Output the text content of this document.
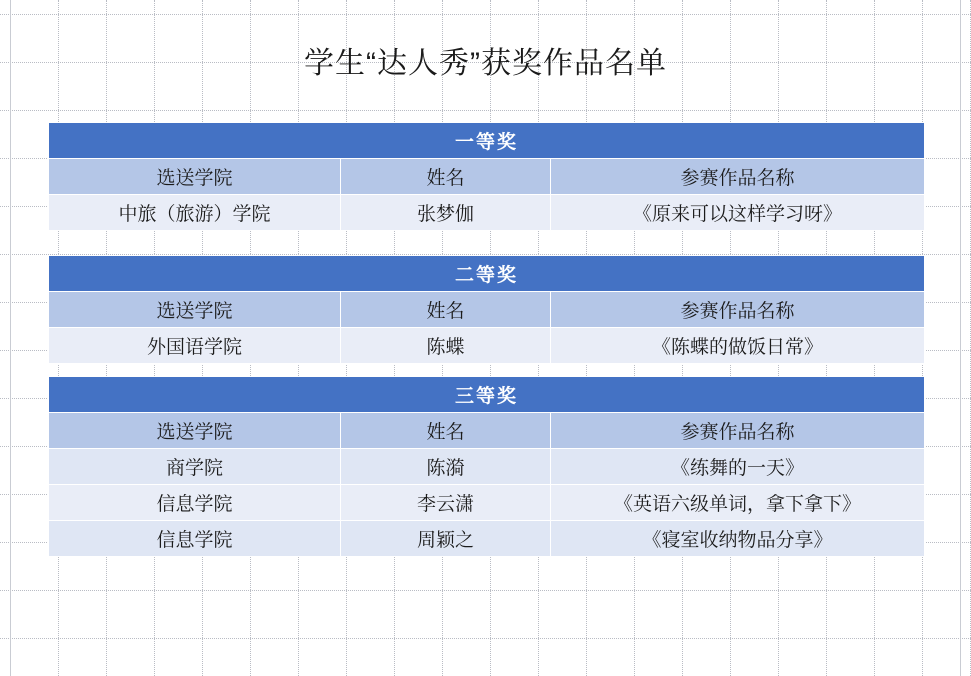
学生“达人秀”获奖作品名单
一等奖		
选送学院	姓名	参赛作品名称
中旅（旅游）学院	张梦伽	《原来可以这样学习呀》
二等奖		
选送学院	姓名	参赛作品名称
外国语学院	陈蝶	《陈蝶的做饭日常》
三等奖		
选送学院	姓名	参赛作品名称
商学院	陈漪	《练舞的一天》
信息学院	李云潇	《英语六级单词，拿下拿下》
信息学院	周颖之	《寝室收纳物品分享》
